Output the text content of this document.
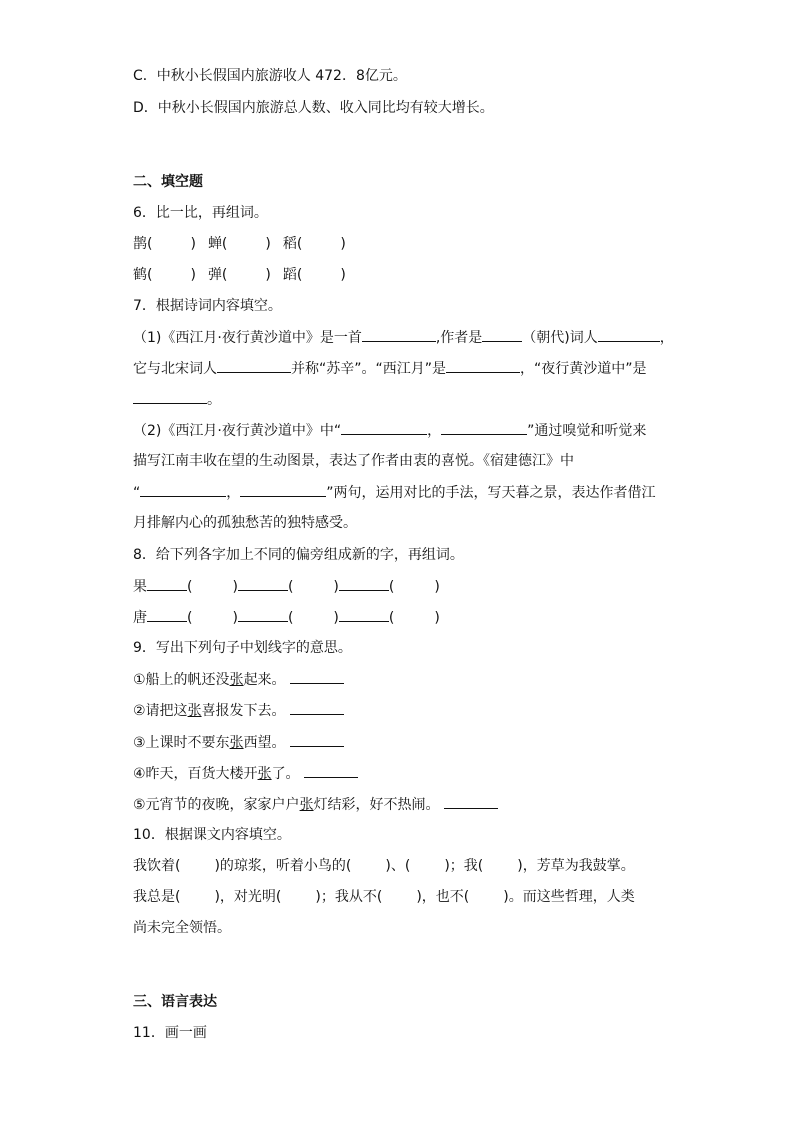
C．中秋小长假国内旅游收人 472．8亿元。
D．中秋小长假国内旅游总人数、收入同比均有较大增长。
二、填空题
6．比一比，再组词。
鹊(	) 蝉(	) 稻(	)
鹤(	) 弹(	) 蹈(	)
7．根据诗词内容填空。
（1)《西江月·夜行黄沙道中》是一首	,作者是	（朝代)词人	，
它与北宋词人	并称“苏辛”。“西江月”是	，“夜行黄沙道中”是
。
（2)《西江月·夜行黄沙道中》中“	，	”通过嗅觉和听觉来
描写江南丰收在望的生动图景，表达了作者由衷的喜悦。《宿建德江》中
“	，	”两句，运用对比的手法，写天暮之景，表达作者借江
月排解内心的孤独愁苦的独特感受。
8．给下列各字加上不同的偏旁组成新的字，再组词。
果	(	)	(	)	(	)
唐	(	)	(	)	(	)
9．写出下列句子中划线字的意思。
①船上的帆还没张起来。
②请把这张喜报发下去。
③上课时不要东张西望。
④昨天，百货大楼开张了。
⑤元宵节的夜晚，家家户户张灯结彩，好不热闹。
10．根据课文内容填空。
我饮着( )的琼浆，听着小鸟的( )、( )；我( )，芳草为我鼓掌。
我总是( )，对光明( )；我从不( )，也不( )。而这些哲理，人类
尚未完全领悟。
三、语言表达
11．画一画
